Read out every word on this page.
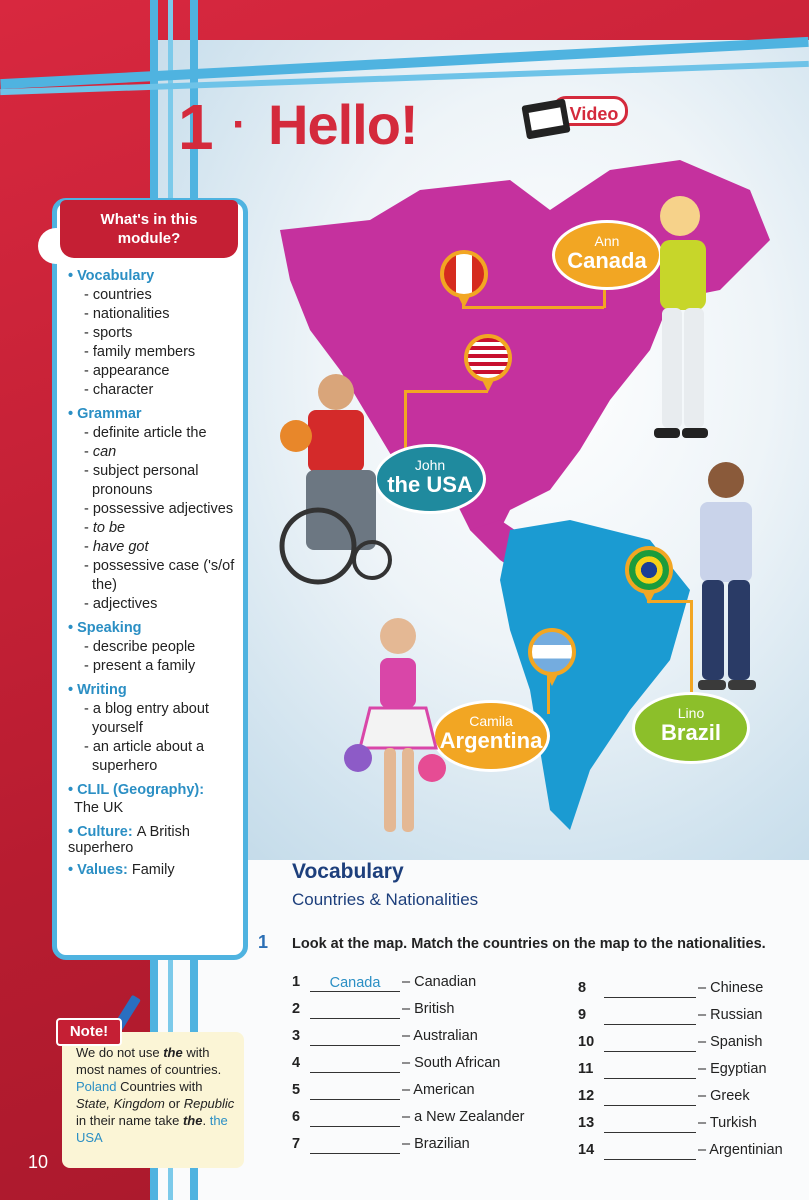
1 · Hello!	Video
Ann
Canada
John
the USA
Camila
Argentina
Lino
Brazil
What's in this
module?
• Vocabulary
- countries
- nationalities
- sports
- family members
- appearance
- character
• Grammar
- definite article the
- can
- subject personal pronouns
- possessive adjectives
- to be
- have got
- possessive case ('s/of the)
- adjectives
• Speaking
- describe people
- present a family
• Writing
- a blog entry about yourself
- an article about a superhero
• CLIL (Geography):
The UK
• Culture: A British superhero
• Values: Family
Note!
We do not use the with most names of countries. Poland Countries with State, Kingdom or Republic in their name take the. the USA
10
Vocabulary
Countries & Nationalities
1 Look at the map. Match the countries on the map to the nationalities.
1 Canada – Canadian
2	– British
3	– Australian
4	– South African
5	– American
6	– a New Zealander
7	– Brazilian
8	– Chinese
9	– Russian
10	– Spanish
11	– Egyptian
12	– Greek
13	– Turkish
14	– Argentinian
